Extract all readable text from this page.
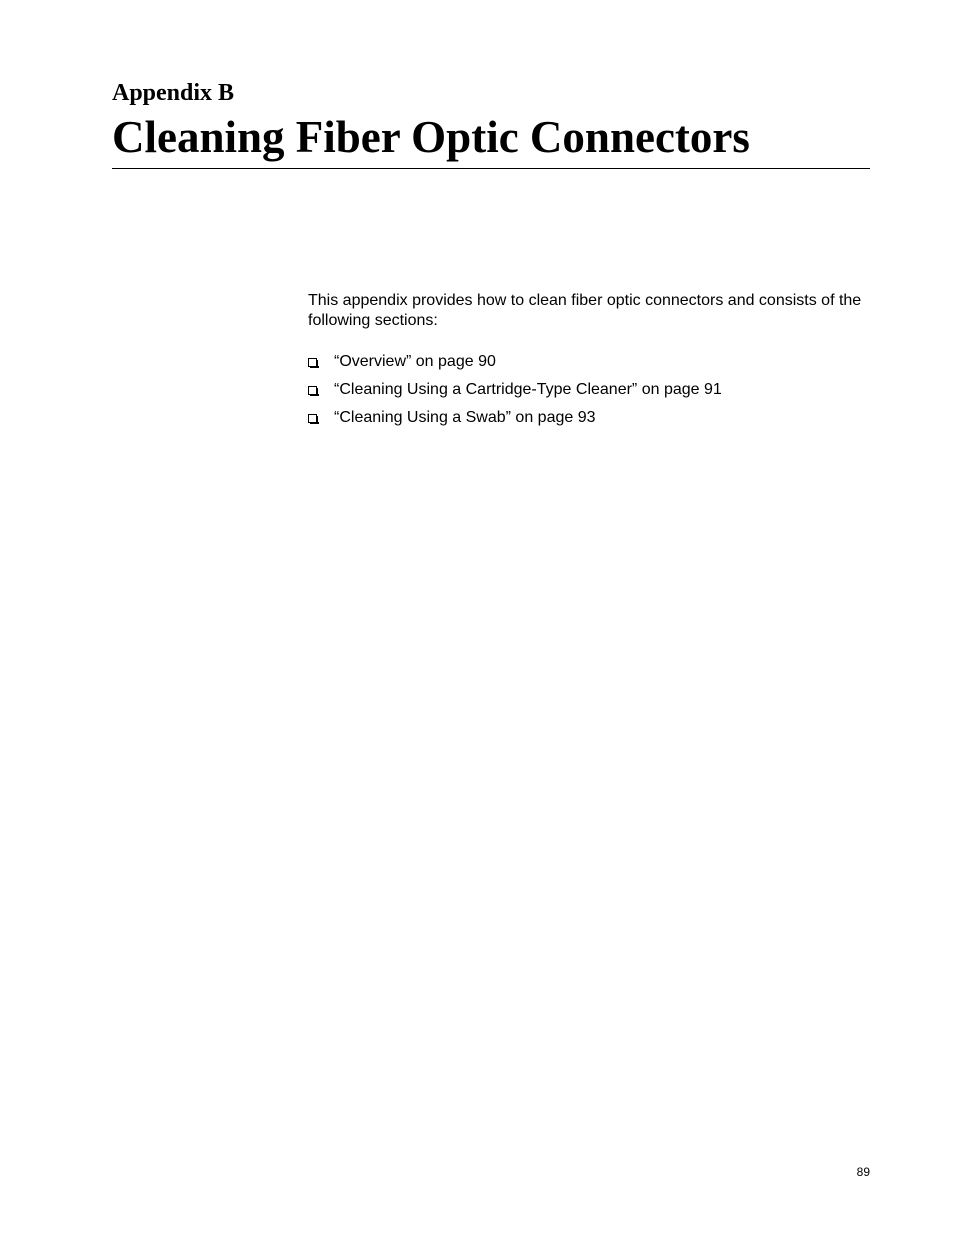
Appendix B
Cleaning Fiber Optic Connectors

This appendix provides how to clean fiber optic connectors and consists of the following sections:

“Overview” on page 90
“Cleaning Using a Cartridge-Type Cleaner” on page 91
“Cleaning Using a Swab” on page 93
89
